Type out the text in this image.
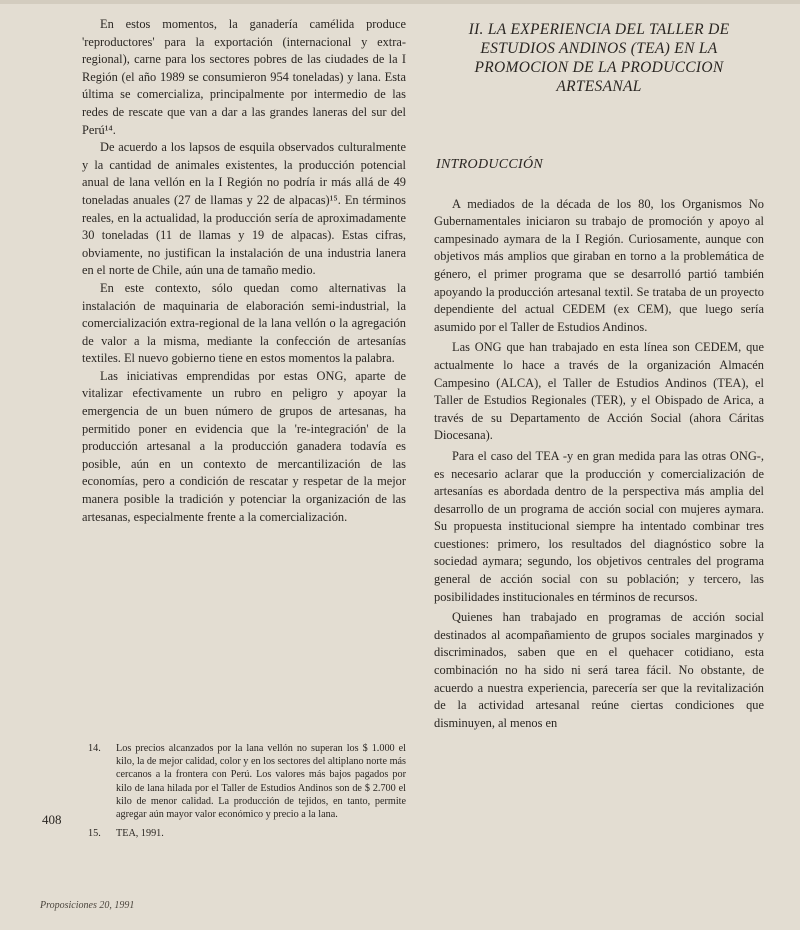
En estos momentos, la ganadería camélida produce 'reproductores' para la exportación (internacional y extra-regional), carne para los sectores pobres de las ciudades de la I Región (el año 1989 se consumieron 954 toneladas) y lana. Esta última se comercializa, principalmente por intermedio de las redes de rescate que van a dar a las grandes laneras del sur del Perú¹⁴.

De acuerdo a los lapsos de esquila observados culturalmente y la cantidad de animales existentes, la producción potencial anual de lana vellón en la I Región no podría ir más allá de 49 toneladas anuales (27 de llamas y 22 de alpacas)¹⁵. En términos reales, en la actualidad, la producción sería de aproximadamente 30 toneladas (11 de llamas y 19 de alpacas). Estas cifras, obviamente, no justifican la instalación de una industria lanera en el norte de Chile, aún una de tamaño medio.

En este contexto, sólo quedan como alternativas la instalación de maquinaria de elaboración semi-industrial, la comercialización extra-regional de la lana vellón o la agregación de valor a la misma, mediante la confección de artesanías textiles. El nuevo gobierno tiene en estos momentos la palabra.

Las iniciativas emprendidas por estas ONG, aparte de vitalizar efectivamente un rubro en peligro y apoyar la emergencia de un buen número de grupos de artesanas, ha permitido poner en evidencia que la 're-integración' de la producción artesanal a la producción ganadera todavía es posible, aún en un contexto de mercantilización de las economías, pero a condición de rescatar y respetar de la mejor manera posible la tradición y potenciar la organización de las artesanas, especialmente frente a la comercialización.

14.	Los precios alcanzados por la lana vellón no superan los $ 1.000 el kilo, la de mejor calidad, color y en los sectores del altiplano norte más cercanos a la frontera con Perú. Los valores más bajos pagados por kilo de lana hilada por el Taller de Estudios Andinos son de $ 2.700 el kilo de menor calidad. La producción de tejidos, en tanto, permite agregar aún mayor valor económico y precio a la lana.
15.	TEA, 1991.
408
Proposiciones 20, 1991
II. LA EXPERIENCIA DEL TALLER DE
ESTUDIOS ANDINOS (TEA) EN LA
PROMOCION DE LA PRODUCCION
ARTESANAL
INTRODUCCIÓN

A mediados de la década de los 80, los Organismos No Gubernamentales iniciaron su trabajo de promoción y apoyo al campesinado aymara de la I Región. Curiosamente, aunque con objetivos más amplios que giraban en torno a la problemática de género, el primer programa que se desarrolló partió también apoyando la producción artesanal textil. Se trataba de un proyecto dependiente del actual CEDEM (ex CEM), que luego sería asumido por el Taller de Estudios Andinos.

Las ONG que han trabajado en esta línea son CEDEM, que actualmente lo hace a través de la organización Almacén Campesino (ALCA), el Taller de Estudios Andinos (TEA), el Taller de Estudios Regionales (TER), y el Obispado de Arica, a través de su Departamento de Acción Social (ahora Cáritas Diocesana).

Para el caso del TEA -y en gran medida para las otras ONG-, es necesario aclarar que la producción y comercialización de artesanías es abordada dentro de la perspectiva más amplia del desarrollo de un programa de acción social con mujeres aymara. Su propuesta institucional siempre ha intentado combinar tres cuestiones: primero, los resultados del diagnóstico sobre la sociedad aymara; segundo, los objetivos centrales del programa general de acción social con su población; y tercero, las posibilidades institucionales en términos de recursos.

Quienes han trabajado en programas de acción social destinados al acompañamiento de grupos sociales marginados y discriminados, saben que en el quehacer cotidiano, esta combinación no ha sido ni será tarea fácil. No obstante, de acuerdo a nuestra experiencia, parecería ser que la revitalización de la actividad artesanal reúne ciertas condiciones que disminuyen, al menos en
